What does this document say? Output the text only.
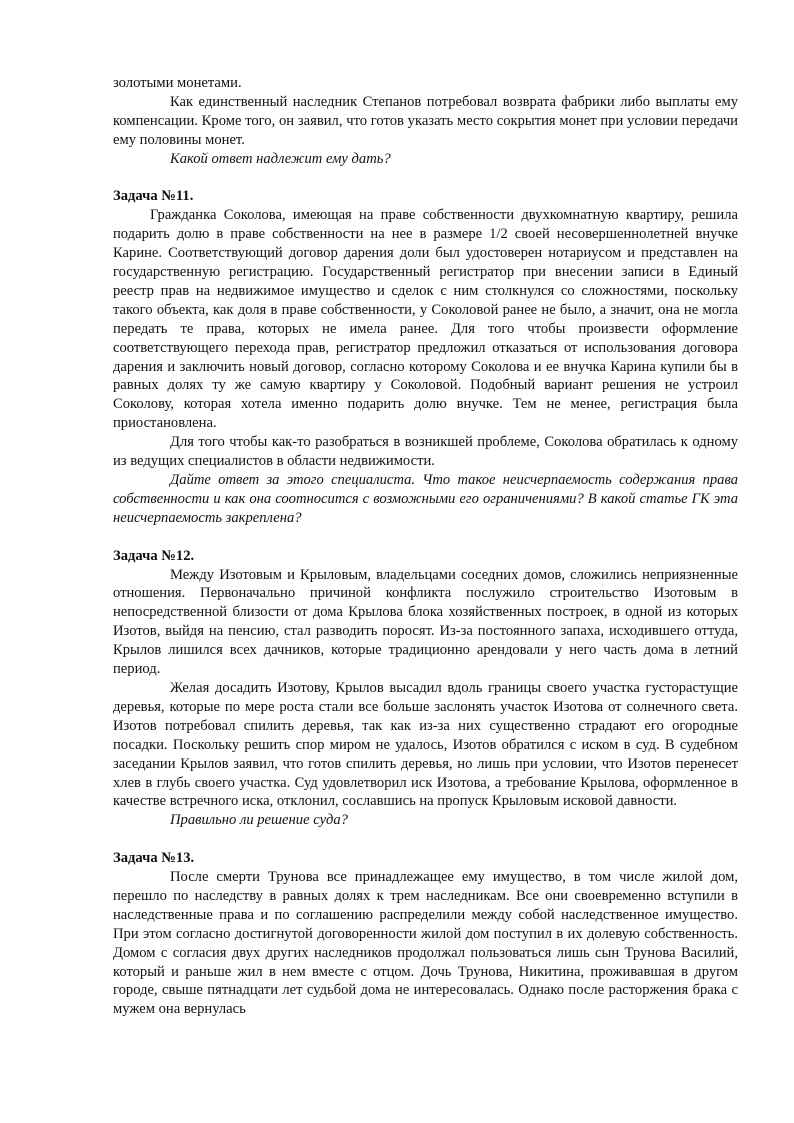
золотыми монетами.

Как единственный наследник Степанов потребовал возврата фабрики либо выплаты ему компенсации. Кроме того, он заявил, что готов указать место сокрытия монет при условии передачи ему половины монет.

Какой ответ надлежит ему дать?

Задача №11.

Гражданка Соколова, имеющая на праве собственности двухкомнатную квартиру, решила подарить долю в праве собственности на нее в размере 1/2 своей несовершеннолетней внучке Карине. Соответствующий договор дарения доли был удостоверен нотариусом и представлен на государственную регистрацию. Государственный регистратор при внесении записи в Единый реестр прав на недвижимое имущество и сделок с ним столкнулся со сложностями, поскольку такого объекта, как доля в праве собственности, у Соколовой ранее не было, а значит, она не могла передать те права, которых не имела ранее. Для того чтобы произвести оформление соответствующего перехода прав, регистратор предложил отказаться от использования договора дарения и заключить новый договор, согласно которому Соколова и ее внучка Карина купили бы в равных долях ту же самую квартиру у Соколовой. Подобный вариант решения не устроил Соколову, которая хотела именно подарить долю внучке. Тем не менее, регистрация была приостановлена.

Для того чтобы как-то разобраться в возникшей проблеме, Соколова обратилась к одному из ведущих специалистов в области недвижимости.

Дайте ответ за этого специалиста. Что такое неисчерпаемость содержания права собственности и как она соотносится с возможными его ограничениями? В какой статье ГК эта неисчерпаемость закреплена?

Задача №12.

Между Изотовым и Крыловым, владельцами соседних домов, сложились неприязненные отношения. Первоначально причиной конфликта послужило строительство Изотовым в непосредственной близости от дома Крылова блока хозяйственных построек, в одной из которых Изотов, выйдя на пенсию, стал разводить поросят. Из-за постоянного запаха, исходившего оттуда, Крылов лишился всех дачников, которые традиционно арендовали у него часть дома в летний период.

Желая досадить Изотову, Крылов высадил вдоль границы своего участка густорастущие деревья, которые по мере роста стали все больше заслонять участок Изотова от солнечного света. Изотов потребовал спилить деревья, так как из-за них существенно страдают его огородные посадки. Поскольку решить спор миром не удалось, Изотов обратился с иском в суд. В судебном заседании Крылов заявил, что готов спилить деревья, но лишь при условии, что Изотов перенесет хлев в глубь своего участка. Суд удовлетворил иск Изотова, а требование Крылова, оформленное в качестве встречного иска, отклонил, сославшись на пропуск Крыловым исковой давности.

Правильно ли решение суда?

Задача №13.

После смерти Трунова все принадлежащее ему имущество, в том числе жилой дом, перешло по наследству в равных долях к трем наследникам. Все они своевременно вступили в наследственные права и по соглашению распределили между собой наследственное имущество. При этом согласно достигнутой договоренности жилой дом поступил в их долевую собственность. Домом с согласия двух других наследников продолжал пользоваться лишь сын Трунова Василий, который и раньше жил в нем вместе с отцом. Дочь Трунова, Никитина, проживавшая в другом городе, свыше пятнадцати лет судьбой дома не интересовалась. Однако после расторжения брака с мужем она вернулась
